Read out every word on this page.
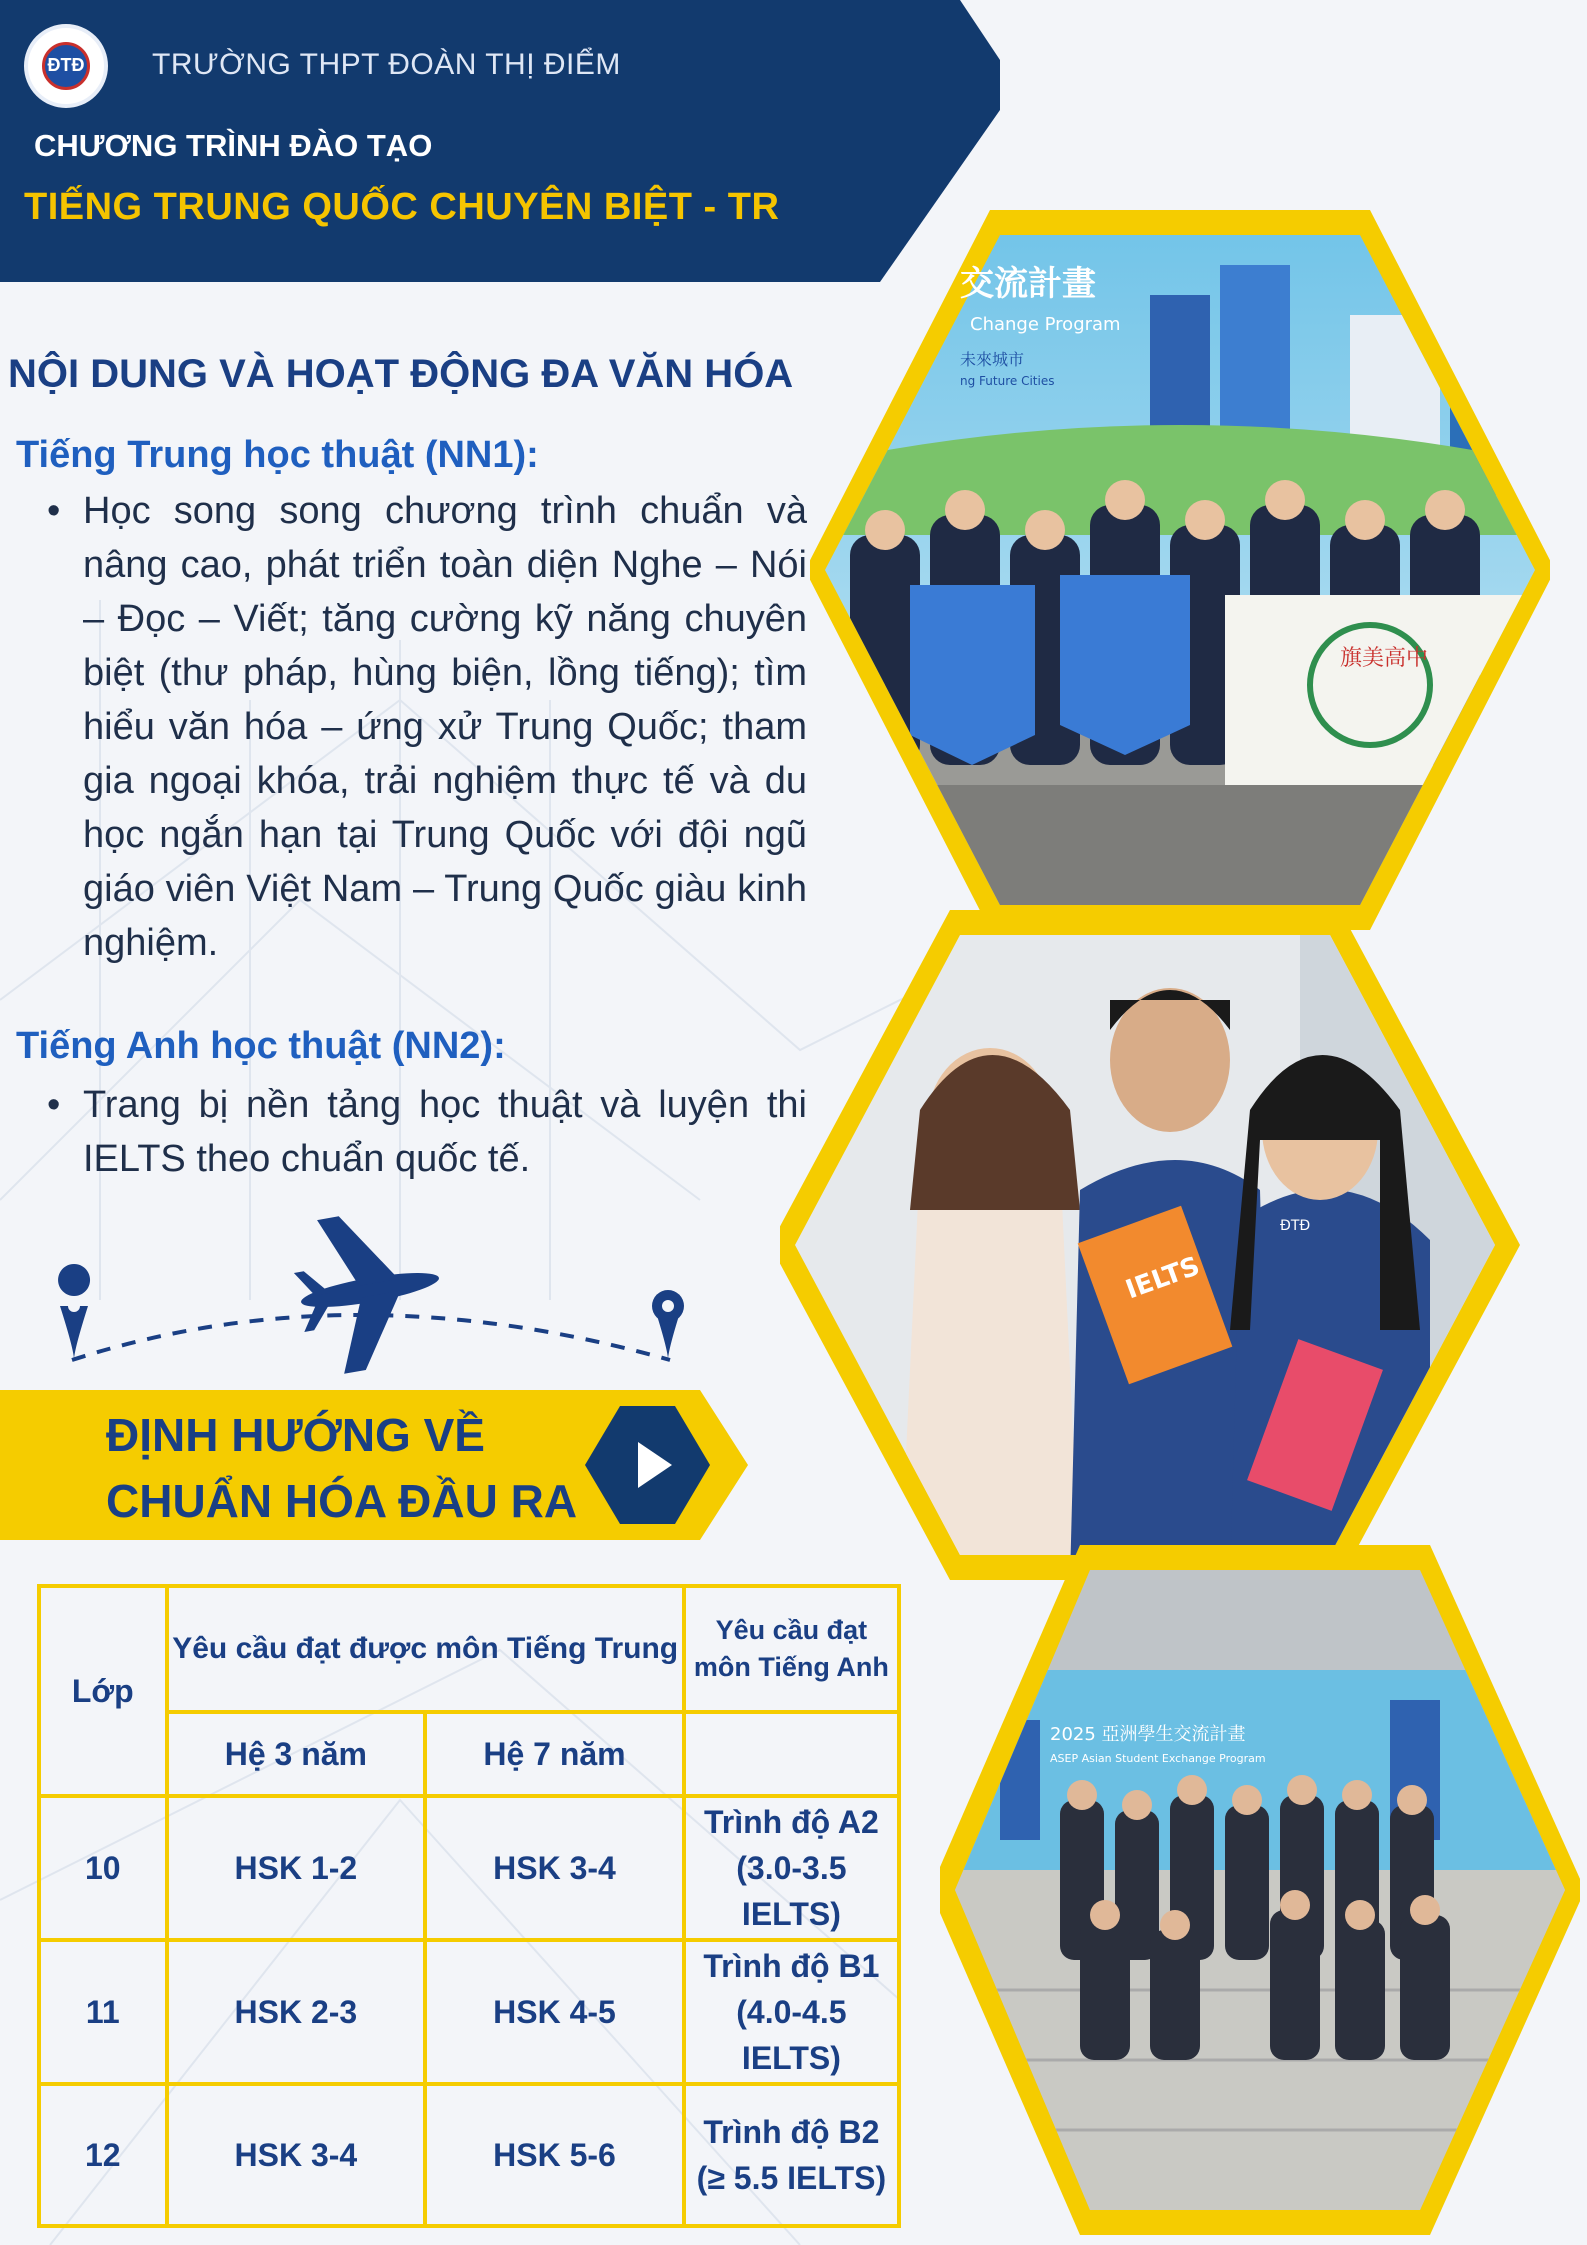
ĐTĐ TRƯỜNG THPT ĐOÀN THỊ ĐIỂM
CHƯƠNG TRÌNH ĐÀO TẠO
TIẾNG TRUNG QUỐC CHUYÊN BIỆT - TR
NỘI DUNG VÀ HOẠT ĐỘNG ĐA VĂN HÓA
Tiếng Trung học thuật (NN1):
• Học song song chương trình chuẩn và nâng cao, phát triển toàn diện Nghe – Nói – Đọc – Viết; tăng cường kỹ năng chuyên biệt (thư pháp, hùng biện, lồng tiếng); tìm hiểu văn hóa – ứng xử Trung Quốc; tham gia ngoại khóa, trải nghiệm thực tế và du học ngắn hạn tại Trung Quốc với đội ngũ giáo viên Việt Nam – Trung Quốc giàu kinh nghiệm.
Tiếng Anh học thuật (NN2):
• Trang bị nền tảng học thuật và luyện thi IELTS theo chuẩn quốc tế.
ĐỊNH HƯỚNG VỀ
CHUẨN HÓA ĐẦU RA
Lớp	Yêu cầu đạt được môn Tiếng Trung		Yêu cầu đạt môn Tiếng Anh
	Hệ 3 năm	Hệ 7 năm	
10	HSK 1-2	HSK 3-4	Trình độ A2 (3.0-3.5 IELTS)
11	HSK 2-3	HSK 4-5	Trình độ B1 (4.0-4.5 IELTS)
12	HSK 3-4	HSK 5-6	Trình độ B2 (≥ 5.5 IELTS)
交流計畫
Change Program
未來城市
ng Future Cities
旗美高中
IELTS
ĐTĐ
2025 亞洲學生交流計畫
ASEP Asian Student Exchange Program
